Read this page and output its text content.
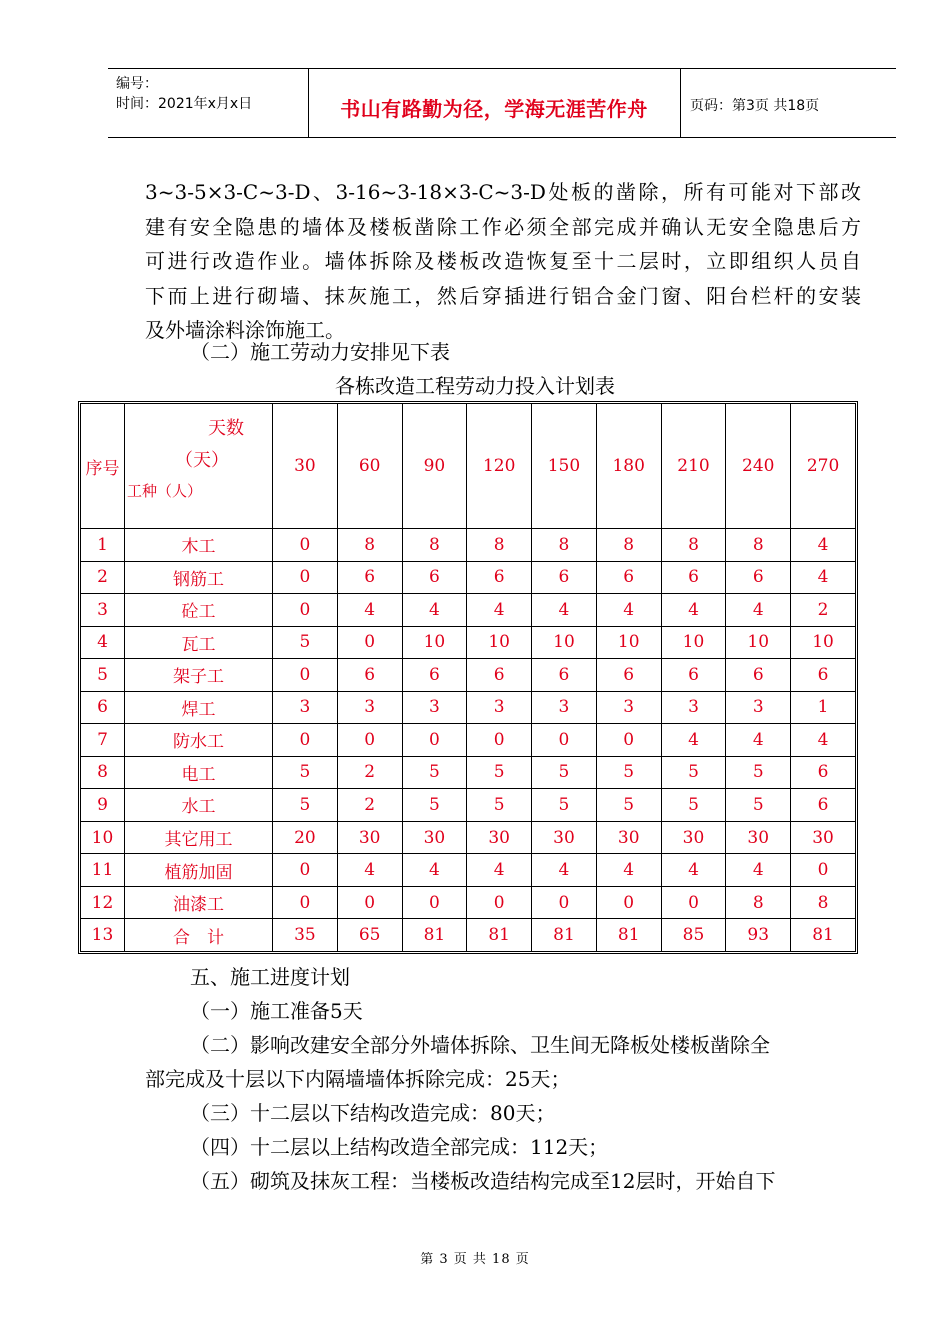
编号：
时间：2021年x月x日	书山有路勤为径，学海无涯苦作舟	页码：第3页 共18页
3~3-5×3-C~3-D、3-16~3-18×3-C~3-D处板的凿除，所有可能对下部改
建有安全隐患的墙体及楼板凿除工作必须全部完成并确认无安全隐患后方
可进行改造作业。墙体拆除及楼板改造恢复至十二层时，立即组织人员自
下而上进行砌墙、抹灰施工，然后穿插进行铝合金门窗、阳台栏杆的安装
及外墙涂料涂饰施工。
（二）施工劳动力安排见下表
各栋改造工程劳动力投入计划表
序号	天数
（天）
工种（人）	30	60	90	120	150	180	210	240	270
1	木工	0	8	8	8	8	8	8	8	4
2	钢筋工	0	6	6	6	6	6	6	6	4
3	砼工	0	4	4	4	4	4	4	4	2
4	瓦工	5	0	10	10	10	10	10	10	10
5	架子工	0	6	6	6	6	6	6	6	6
6	焊工	3	3	3	3	3	3	3	3	1
7	防水工	0	0	0	0	0	0	4	4	4
8	电工	5	2	5	5	5	5	5	5	6
9	水工	5	2	5	5	5	5	5	5	6
10	其它用工	20	30	30	30	30	30	30	30	30
11	植筋加固	0	4	4	4	4	4	4	4	0
12	油漆工	0	0	0	0	0	0	0	8	8
13	合　计	35	65	81	81	81	81	85	93	81
五、施工进度计划
（一）施工准备5天
（二）影响改建安全部分外墙体拆除、卫生间无降板处楼板凿除全
部完成及十层以下内隔墙墙体拆除完成：25天；
（三）十二层以下结构改造完成：80天；
（四）十二层以上结构改造全部完成：112天；
（五）砌筑及抹灰工程：当楼板改造结构完成至12层时，开始自下
第 3 页 共 18 页
